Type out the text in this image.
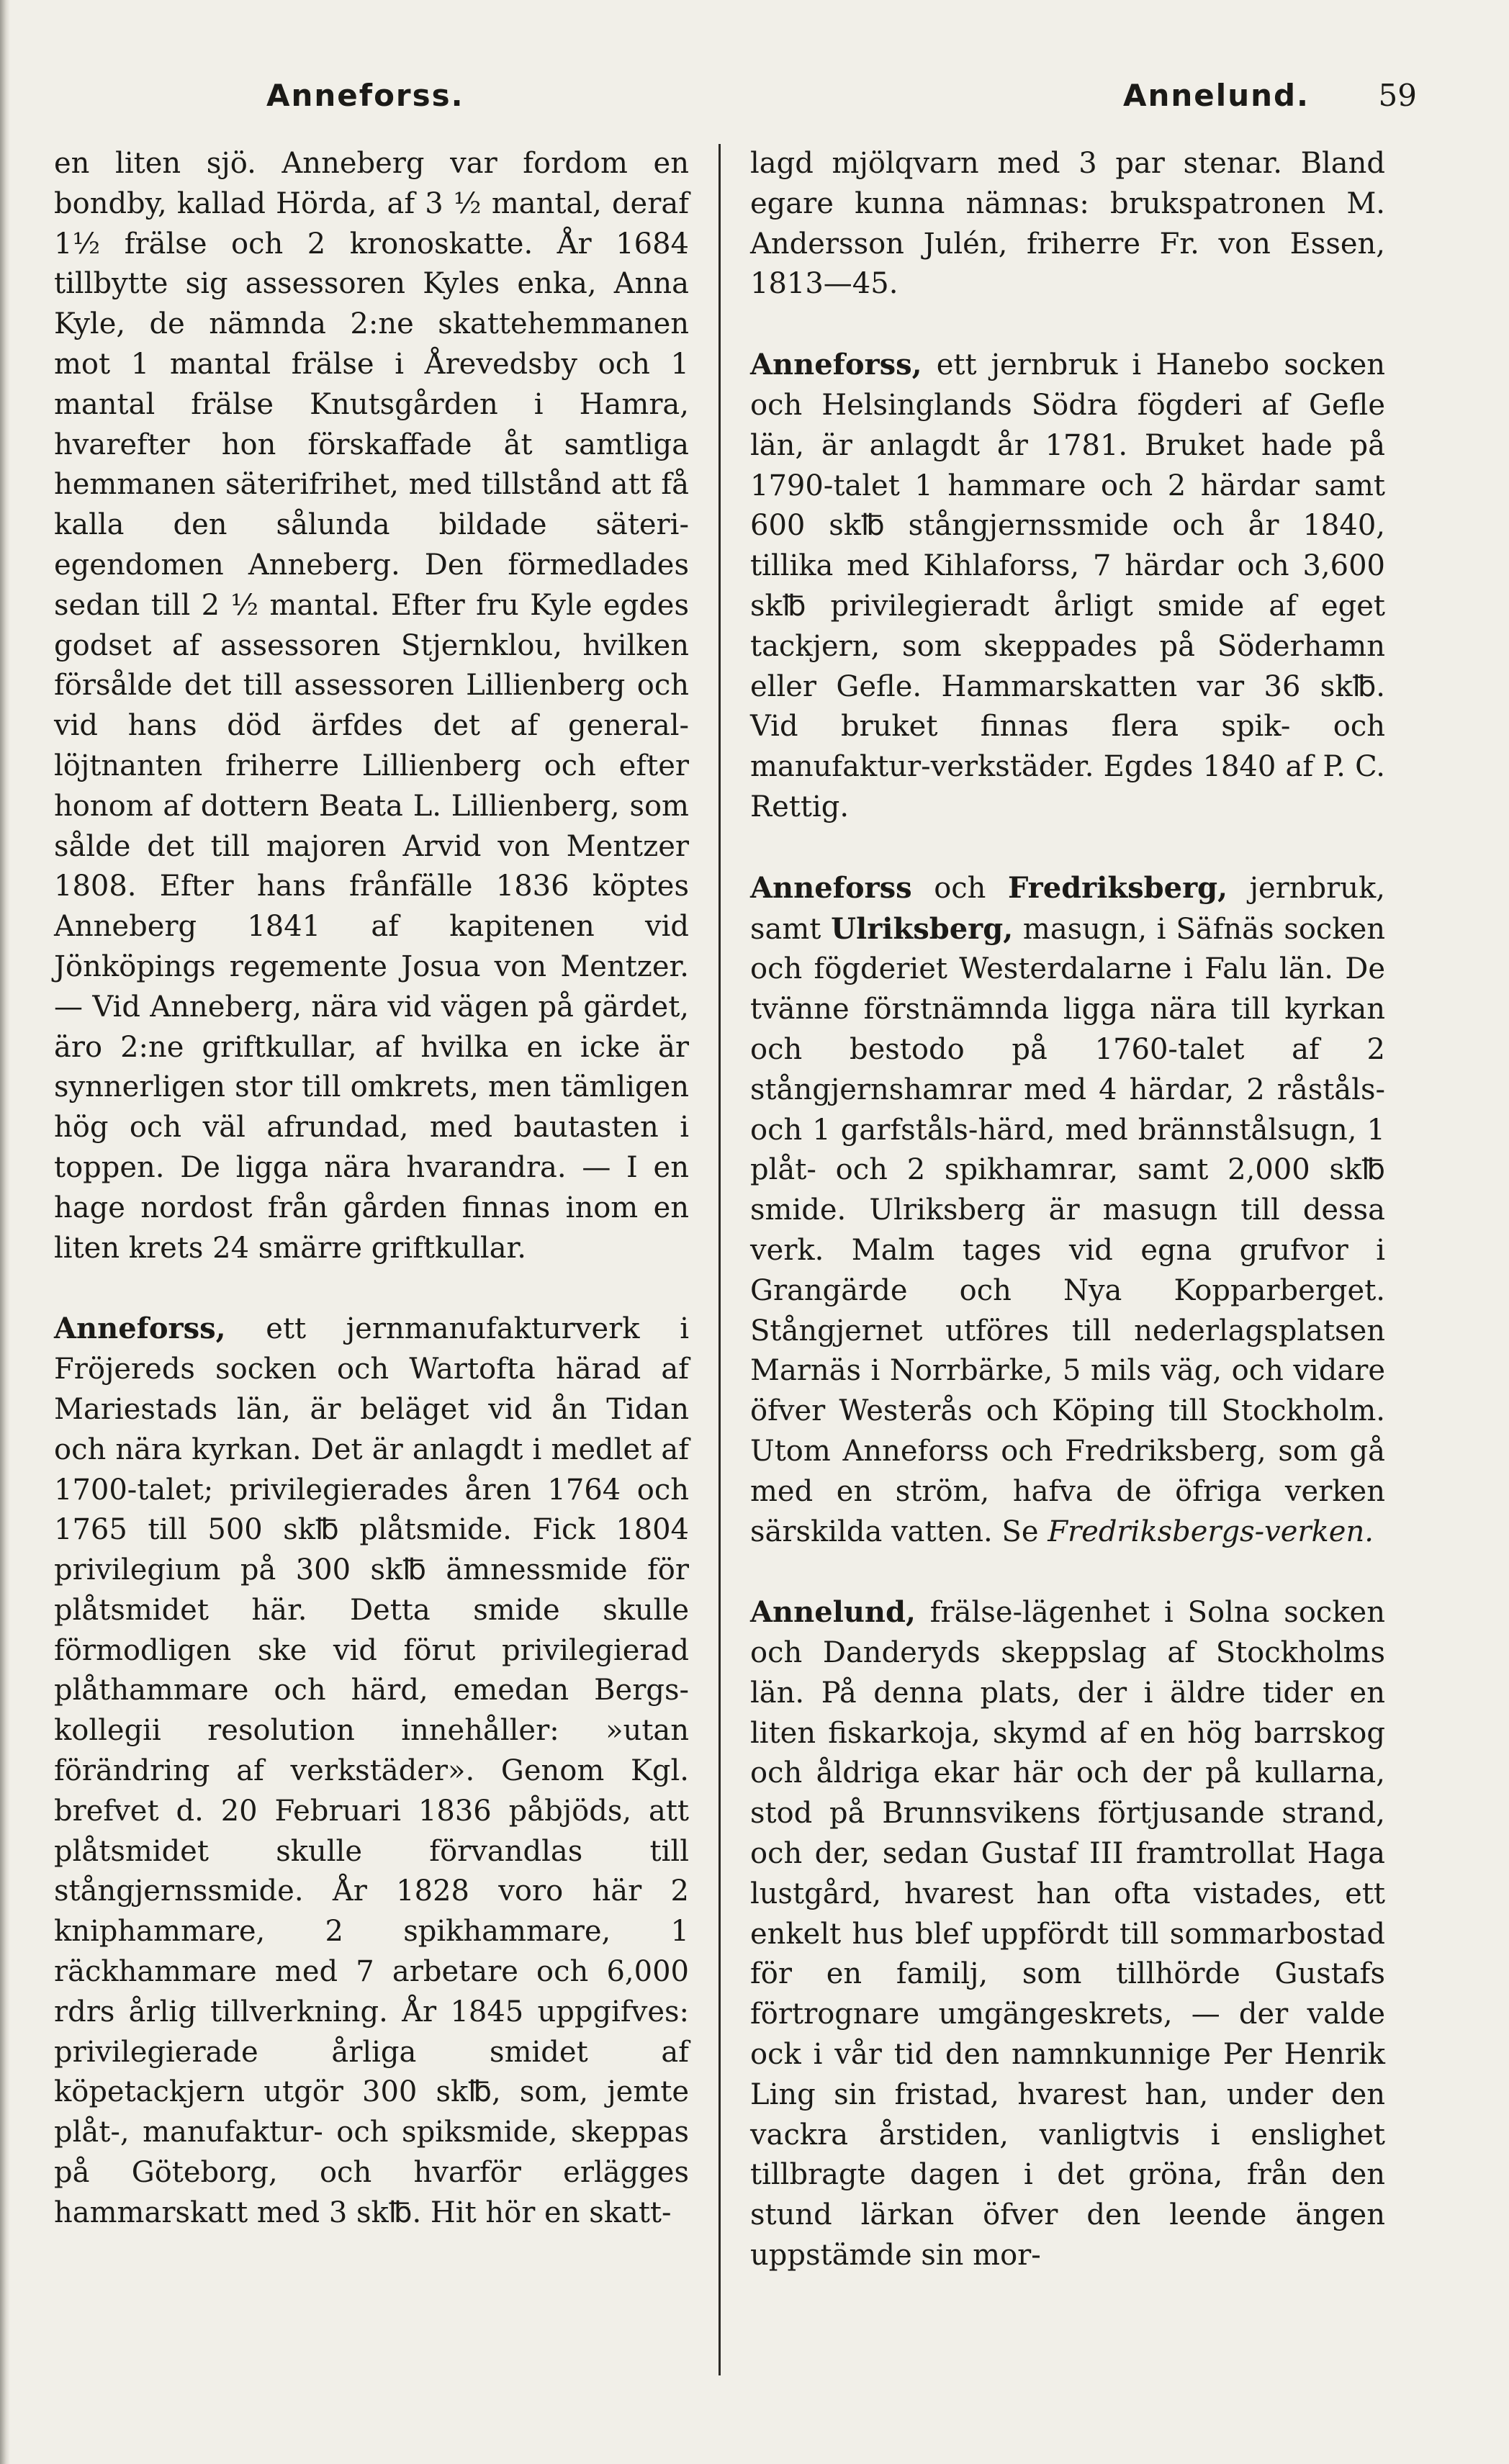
Anneforss.	Annelund. 59

en liten sjö. Anneberg var fordom en bondby, kallad Hörda, af 3 ½ mantal, deraf 1½ frälse och 2 kronoskatte. År 1684 tillbytte sig assessoren Kyles enka, Anna Kyle, de nämnda 2:ne skattehemmanen mot 1 mantal frälse i Årevedsby och 1 mantal frälse Knutsgården i Hamra, hvarefter hon förskaffade åt samtliga hemmanen säterifrihet, med tillstånd att få kalla den sålunda bildade säteri-egendomen Anneberg. Den förmedlades sedan till 2 ½ mantal. Efter fru Kyle egdes godset af assessoren Stjernklou, hvilken försålde det till assessoren Lillienberg och vid hans död ärfdes det af general-löjtnanten friherre Lillienberg och efter honom af dottern Beata L. Lillienberg, som sålde det till majoren Arvid von Mentzer 1808. Efter hans frånfälle 1836 köptes Anneberg 1841 af kapitenen vid Jönköpings regemente Josua von Mentzer. — Vid Anneberg, nära vid vägen på gärdet, äro 2:ne griftkullar, af hvilka en icke är synnerligen stor till omkrets, men tämligen hög och väl afrundad, med bautasten i toppen. De ligga nära hvarandra. — I en hage nordost från gården finnas inom en liten krets 24 smärre griftkullar.

Anneforss, ett jernmanufakturverk i Fröjereds socken och Wartofta härad af Mariestads län, är beläget vid ån Tidan och nära kyrkan. Det är anlagdt i medlet af 1700-talet; privilegierades åren 1764 och 1765 till 500 sk℔ plåtsmide. Fick 1804 privilegium på 300 sk℔ ämnessmide för plåtsmidet här. Detta smide skulle förmodligen ske vid förut privilegierad plåthammare och härd, emedan Bergs-kollegii resolution innehåller: »utan förändring af verkstäder». Genom Kgl. brefvet d. 20 Februari 1836 påbjöds, att plåtsmidet skulle förvandlas till stångjernssmide. År 1828 voro här 2 kniphammare, 2 spikhammare, 1 räckhammare med 7 arbetare och 6,000 rdrs årlig tillverkning. År 1845 uppgifves: privilegierade årliga smidet af köpetackjern utgör 300 sk℔, som, jemte plåt-, manufaktur- och spiksmide, skeppas på Götеborg, och hvarför erlägges hammarskatt med 3 sk℔. Hit hör en skatt-

lagd mjölqvarn med 3 par stenar. Bland egare kunna nämnas: brukspatronen M. Andersson Julén, friherre Fr. von Essen, 1813—45.

Anneforss, ett jernbruk i Hanebo socken och Helsinglands Södra fögderi af Gefle län, är anlagdt år 1781. Bruket hade på 1790-talet 1 hammare och 2 härdar samt 600 sk℔ stångjernssmide och år 1840, tillika med Kihlaforss, 7 härdar och 3,600 sk℔ privilegieradt årligt smide af eget tackjern, som skeppades på Söderhamn eller Gefle. Hammarskatten var 36 sk℔. Vid bruket finnas flera spik- och manufaktur-verkstäder. Egdes 1840 af P. C. Rettig.

Anneforss och Fredriksberg, jernbruk, samt Ulriksberg, masugn, i Säfnäs socken och fögderiet Westerdalarne i Falu län. De tvänne förstnämnda ligga nära till kyrkan och bestodo på 1760-talet af 2 stångjernshamrar med 4 härdar, 2 råståls- och 1 garfståls-härd, med brännstålsugn, 1 plåt- och 2 spikhamrar, samt 2,000 sk℔ smide. Ulriksberg är masugn till dessa verk. Malm tages vid egna grufvor i Grangärde och Nya Kopparberget. Stångjernet utföres till nederlagsplatsen Marnäs i Norrbärke, 5 mils väg, och vidare öfver Westerås och Köping till Stockholm. Utom Anneforss och Fredriksberg, som gå med en ström, hafva de öfriga verken särskilda vatten. Se Fredriksbergs-verken.

Annelund, frälse-lägenhet i Solna socken och Danderyds skeppslag af Stockholms län. På denna plats, der i äldre tider en liten fiskarkoja, skymd af en hög barrskog och åldriga ekar här och der på kullarna, stod på Brunnsvikens förtjusande strand, och der, sedan Gustaf III framtrollat Haga lustgård, hvarest han ofta vistades, ett enkelt hus blef uppfördt till sommarbostad för en familj, som tillhörde Gustafs förtrognare umgängeskrets, — der valde ock i vår tid den namnkunnige Per Henrik Ling sin fristad, hvarest han, under den vackra årstiden, vanligtvis i enslighet tillbragte dagen i det gröna, från den stund lärkan öfver den leende ängen uppstämde sin mor-
